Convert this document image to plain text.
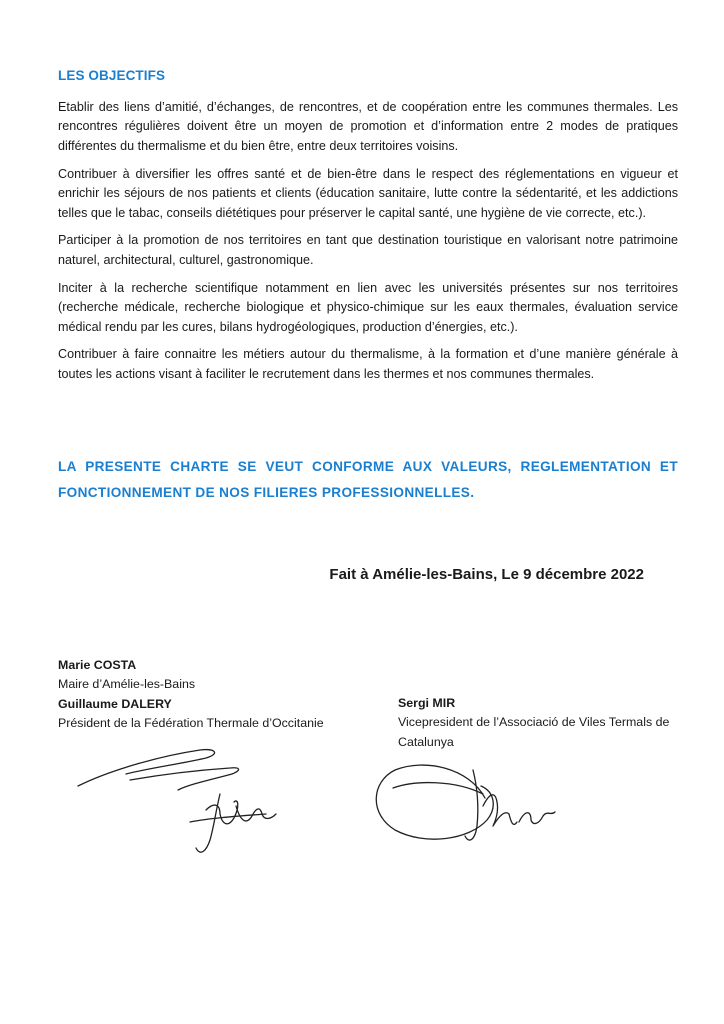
LES OBJECTIFS

Etablir des liens d’amitié, d’échanges, de rencontres, et de coopération entre les communes thermales. Les rencontres régulières doivent être un moyen de promotion et d’information entre 2 modes de pratiques différentes du thermalisme et du bien être, entre deux territoires voisins.

Contribuer à diversifier les offres santé et de bien-être dans le respect des réglementations en vigueur et enrichir les séjours de nos patients et clients (éducation sanitaire, lutte contre la sédentarité, et les addictions telles que le tabac, conseils diététiques pour préserver le capital santé, une hygiène de vie correcte, etc.).

Participer à la promotion de nos territoires en tant que destination touristique en valorisant notre patrimoine naturel, architectural, culturel, gastronomique.

Inciter à la recherche scientifique notamment en lien avec les universités présentes sur nos territoires (recherche médicale, recherche biologique et physico-chimique sur les eaux thermales, évaluation service médical rendu par les cures, bilans hydrogéologiques, production d’énergies, etc.).

Contribuer à faire connaitre les métiers autour du thermalisme, à la formation et d’une manière générale à toutes les actions visant à faciliter le recrutement dans les thermes et nos communes thermales.

LA PRESENTE CHARTE SE VEUT CONFORME AUX VALEURS, REGLEMENTATION ET FONCTIONNEMENT DE NOS FILIERES PROFESSIONNELLES.
Fait à Amélie-les-Bains, Le 9 décembre 2022
Marie COSTA
Maire d’Amélie-les-Bains
Guillaume DALERY
Président de la Fédération Thermale d’Occitanie
Sergi MIR
Vicepresident de l’Associació de Viles Termals de Catalunya
